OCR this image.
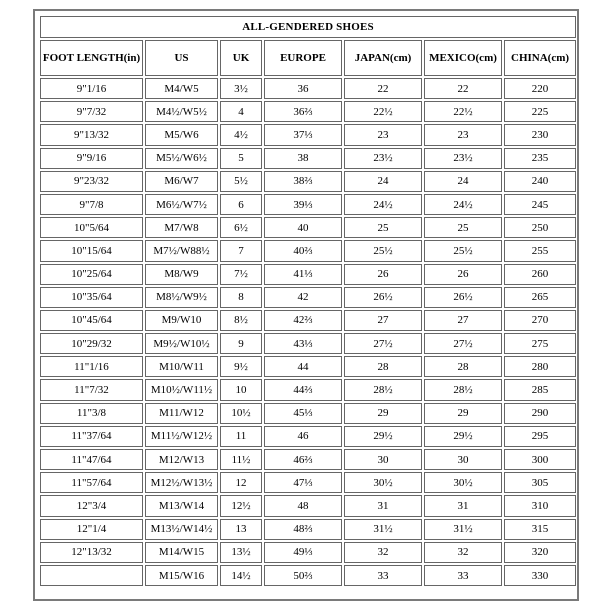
ALL-GENDERED SHOES						
FOOT LENGTH(in)	US	UK	EUROPE	JAPAN(cm)	MEXICO(cm)	CHINA(cm)
9"1/16	M4/W5	3½	36	22	22	220
9"7/32	M4½/W5½	4	36⅔	22½	22½	225
9"13/32	M5/W6	4½	37⅓	23	23	230
9"9/16	M5½/W6½	5	38	23½	23½	235
9"23/32	M6/W7	5½	38⅔	24	24	240
9"7/8	M6½/W7½	6	39⅓	24½	24½	245
10"5/64	M7/W8	6½	40	25	25	250
10"15/64	M7½/W88½	7	40⅔	25½	25½	255
10"25/64	M8/W9	7½	41⅓	26	26	260
10"35/64	M8½/W9½	8	42	26½	26½	265
10"45/64	M9/W10	8½	42⅔	27	27	270
10"29/32	M9½/W10½	9	43⅓	27½	27½	275
11"1/16	M10/W11	9½	44	28	28	280
11"7/32	M10½/W11½	10	44⅔	28½	28½	285
11"3/8	M11/W12	10½	45⅓	29	29	290
11"37/64	M11½/W12½	11	46	29½	29½	295
11"47/64	M12/W13	11½	46⅔	30	30	300
11"57/64	M12½/W13½	12	47⅓	30½	30½	305
12"3/4	M13/W14	12½	48	31	31	310
12"1/4	M13½/W14½	13	48⅔	31½	31½	315
12"13/32	M14/W15	13½	49⅓	32	32	320
	M15/W16	14½	50⅔	33	33	330
